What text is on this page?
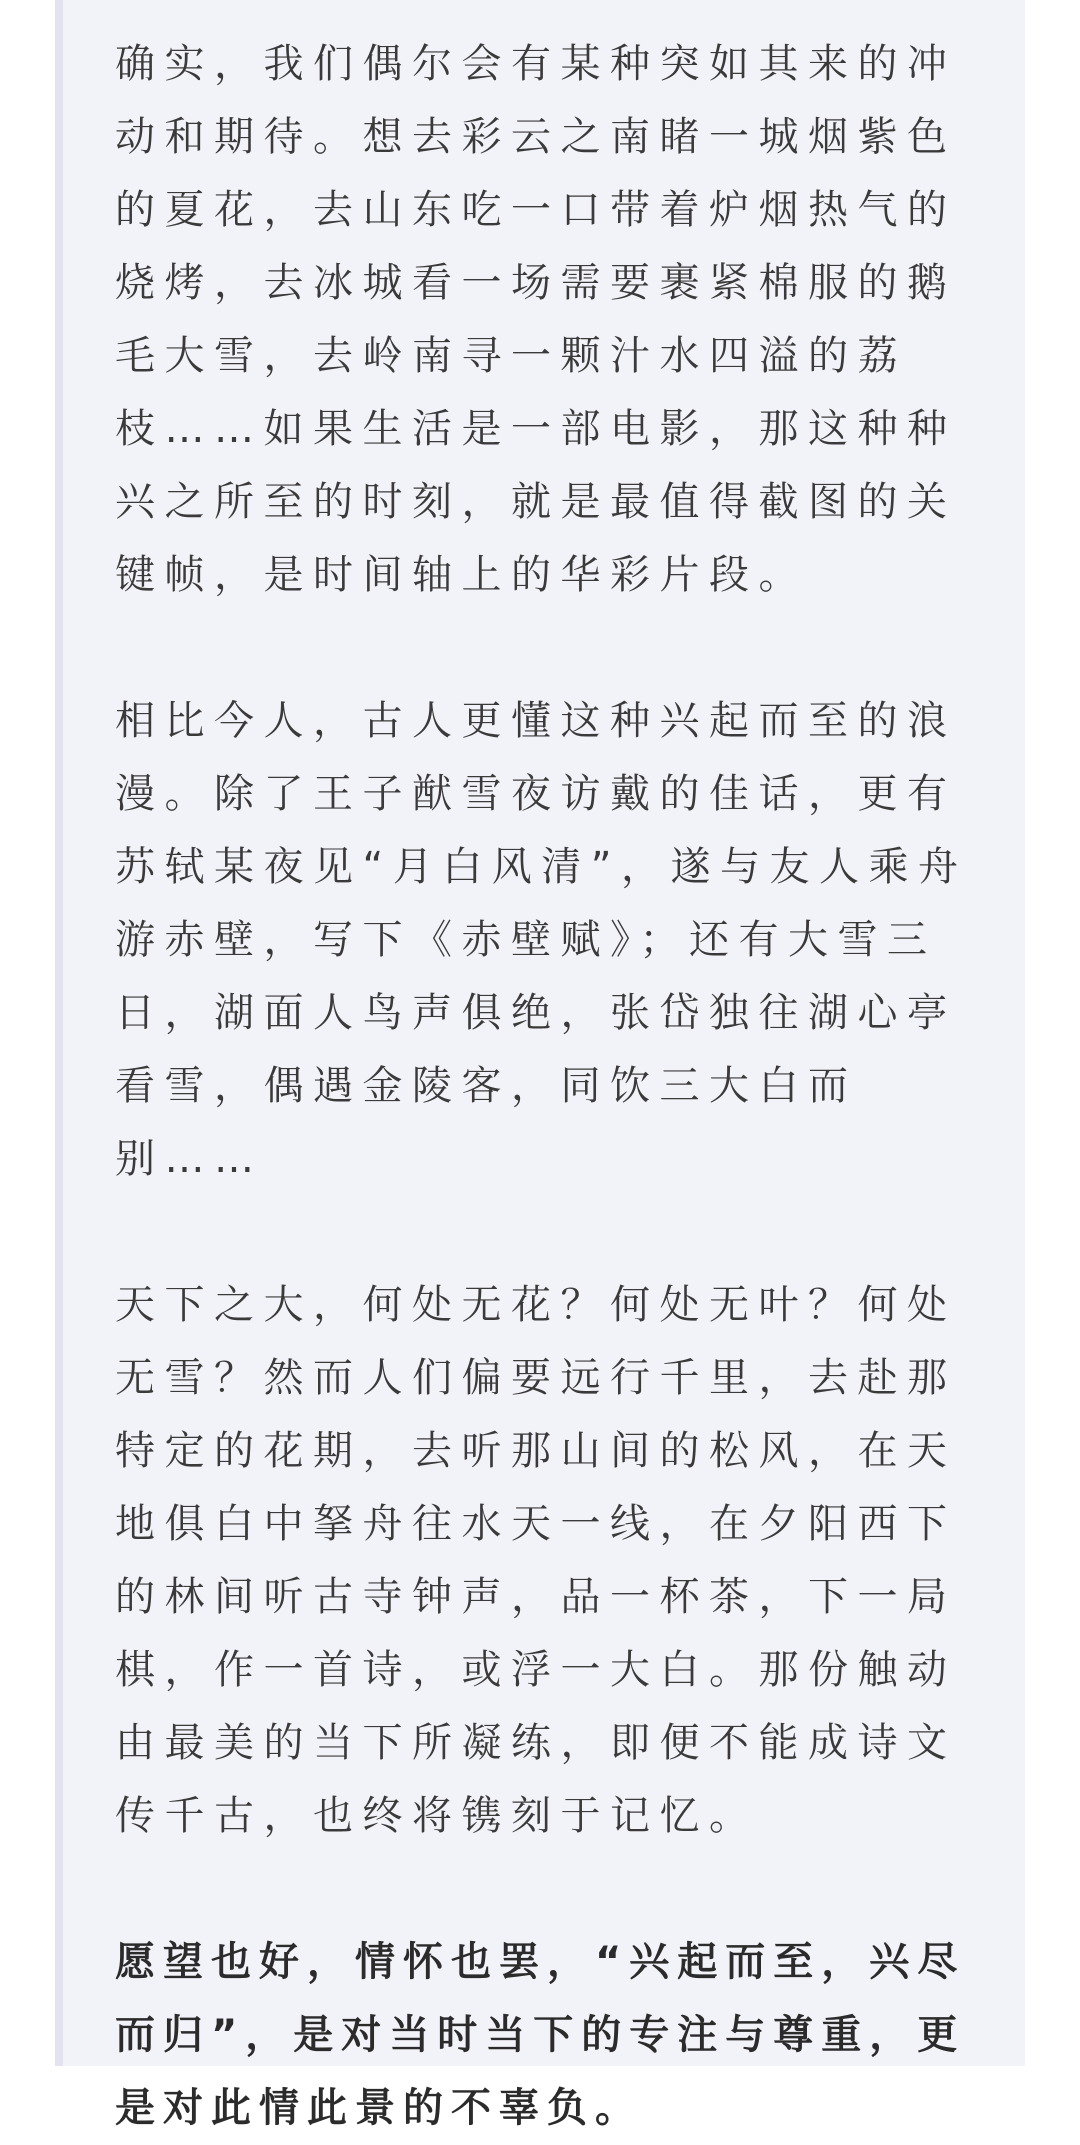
确实，我们偶尔会有某种突如其来的冲动和期待。想去彩云之南睹一城烟紫色的夏花，去山东吃一口带着炉烟热气的烧烤，去冰城看一场需要裹紧棉服的鹅毛大雪，去岭南寻一颗汁水四溢的荔枝……如果生活是一部电影，那这种种兴之所至的时刻，就是最值得截图的关键帧，是时间轴上的华彩片段。

相比今人，古人更懂这种兴起而至的浪漫。除了王子猷雪夜访戴的佳话，更有苏轼某夜见“月白风清”，遂与友人乘舟游赤壁，写下《赤壁赋》；还有大雪三日，湖面人鸟声俱绝，张岱独往湖心亭看雪，偶遇金陵客，同饮三大白而别……

天下之大，何处无花？何处无叶？何处无雪？然而人们偏要远行千里，去赴那特定的花期，去听那山间的松风，在天地俱白中拏舟往水天一线，在夕阳西下的林间听古寺钟声，品一杯茶，下一局棋，作一首诗，或浮一大白。那份触动由最美的当下所凝练，即便不能成诗文传千古，也终将镌刻于记忆。

愿望也好，情怀也罢，“兴起而至，兴尽而归”，是对当时当下的专注与尊重，更是对此情此景的不辜负。
